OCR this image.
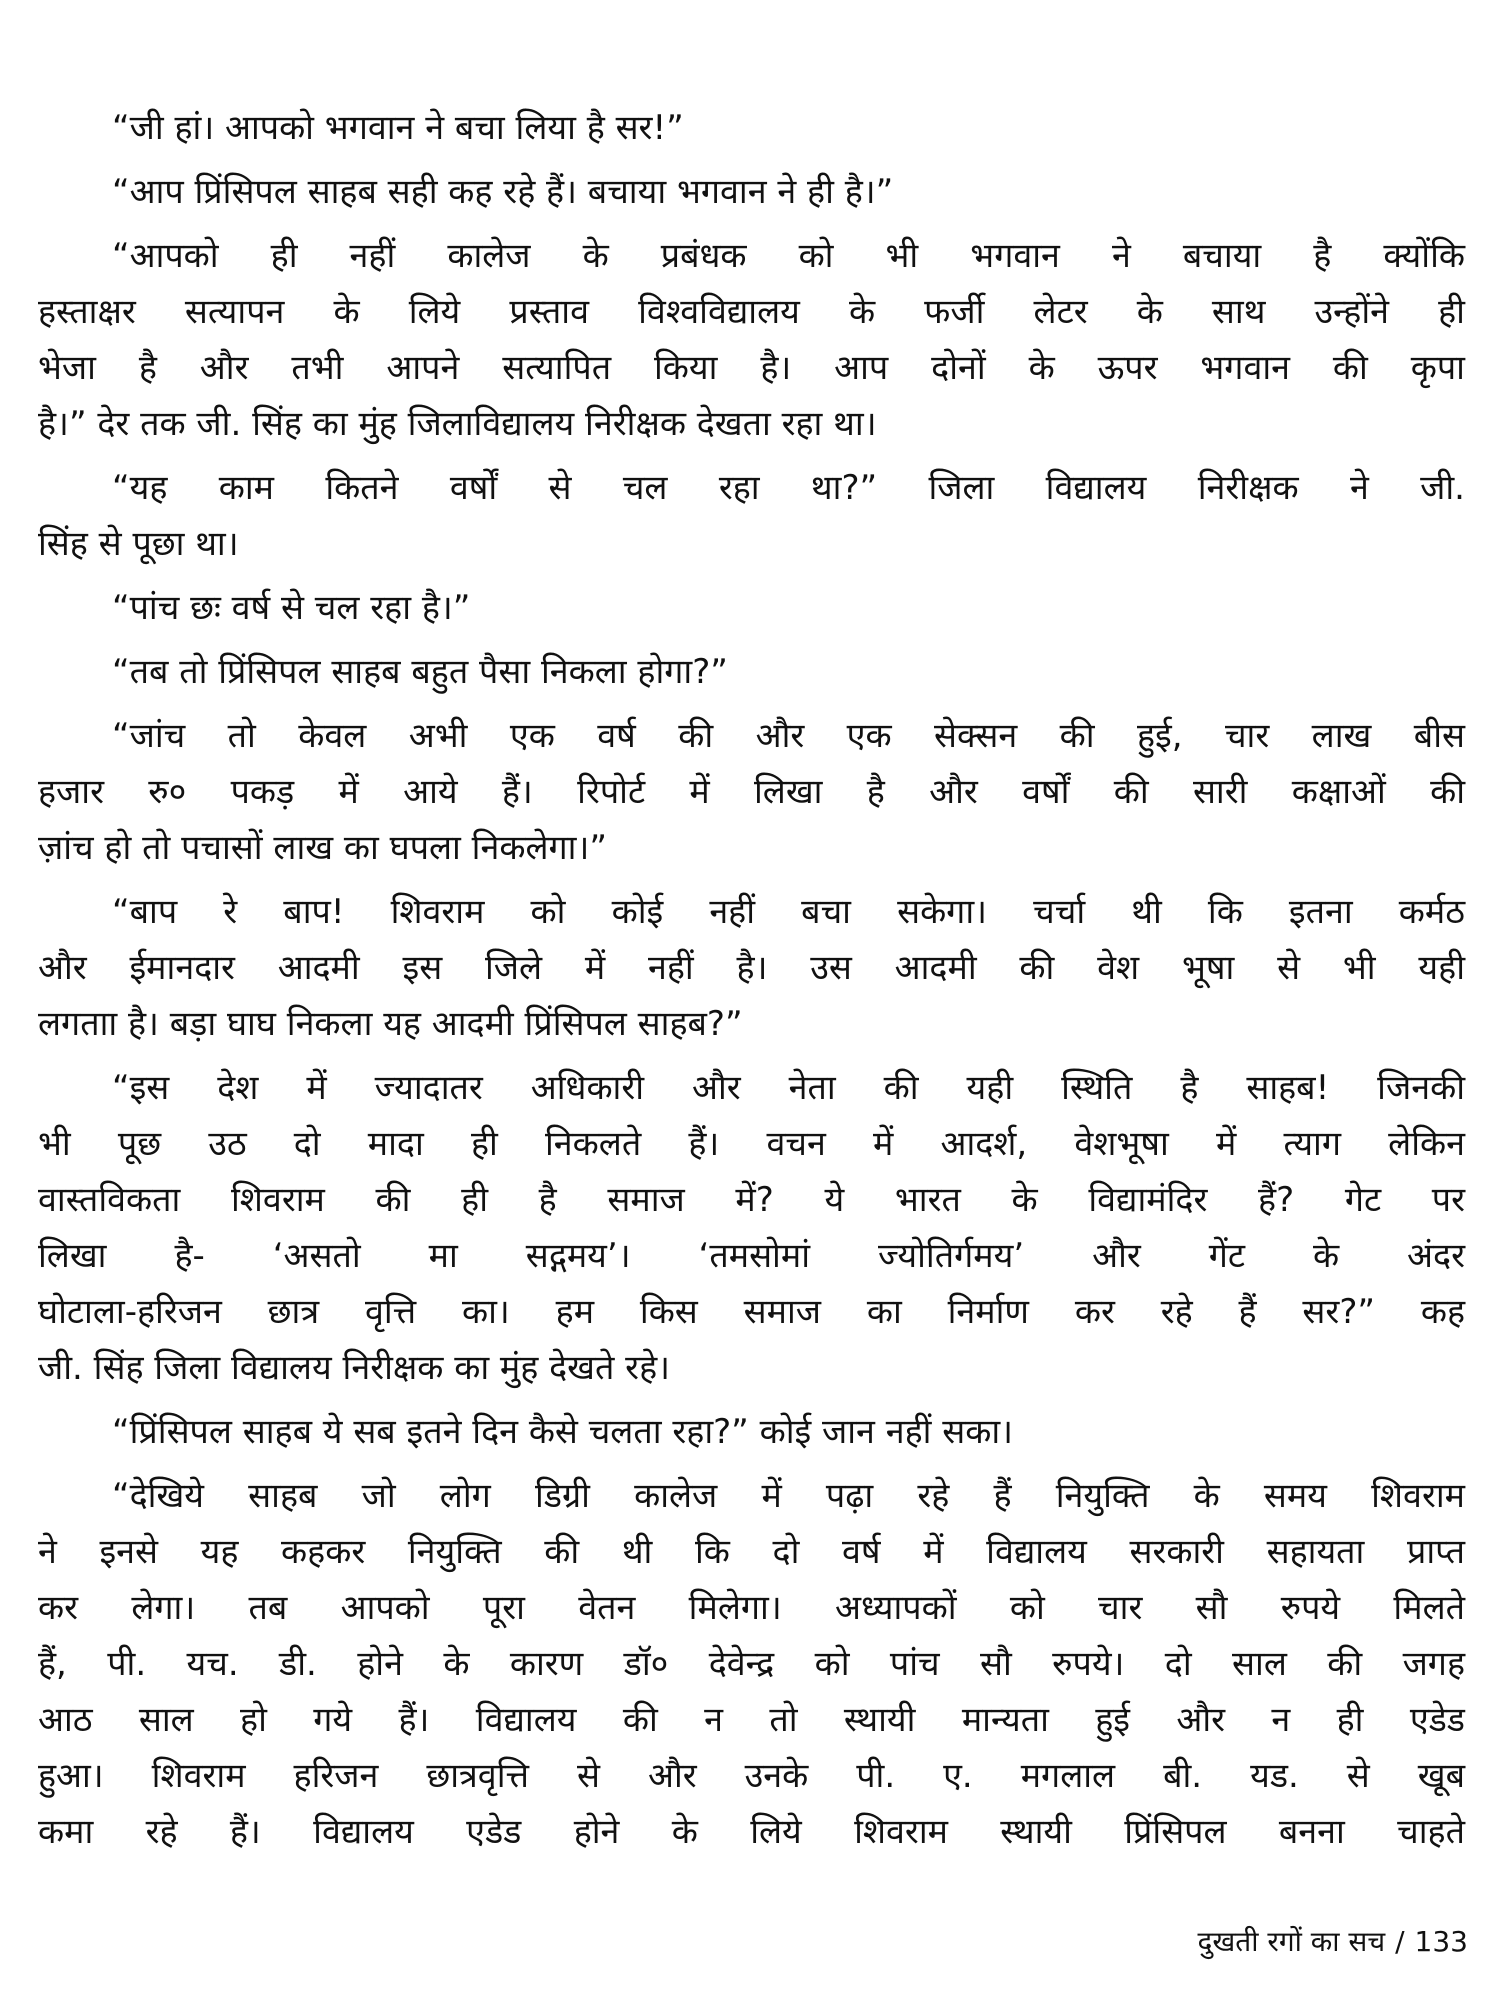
“जी हां। आपको भगवान ने बचा लिया है सर!”
“आप प्रिंसिपल साहब सही कह रहे हैं। बचाया भगवान ने ही है।”
“आपको ही नहीं कालेज के प्रबंधक को भी भगवान ने बचाया है क्योंकि
हस्ताक्षर सत्यापन के लिये प्रस्ताव विश्वविद्यालय के फर्जी लेटर के साथ उन्होंने ही
भेजा है और तभी आपने सत्यापित किया है। आप दोनों के ऊपर भगवान की कृपा
है।” देर तक जी. सिंह का मुंह जिलाविद्यालय निरीक्षक देखता रहा था।
“यह काम कितने वर्षों से चल रहा था?” जिला विद्यालय निरीक्षक ने जी.
सिंह से पूछा था।
“पांच छः वर्ष से चल रहा है।”
“तब तो प्रिंसिपल साहब बहुत पैसा निकला होगा?”
“जांच तो केवल अभी एक वर्ष की और एक सेक्सन की हुई, चार लाख बीस
हजार रु० पकड़ में आये हैं। रिपोर्ट में लिखा है और वर्षों की सारी कक्षाओं की
ज़ांच हो तो पचासों लाख का घपला निकलेगा।”
“बाप रे बाप! शिवराम को कोई नहीं बचा सकेगा। चर्चा थी कि इतना कर्मठ
और ईमानदार आदमी इस जिले में नहीं है। उस आदमी की वेश भूषा से भी यही
लगताा है। बड़ा घाघ निकला यह आदमी प्रिंसिपल साहब?”
“इस देश में ज्यादातर अधिकारी और नेता की यही स्थिति है साहब! जिनकी
भी पूछ उठ दो मादा ही निकलते हैं। वचन में आदर्श, वेशभूषा में त्याग लेकिन
वास्तविकता शिवराम की ही है समाज में? ये भारत के विद्यामंदिर हैं? गेट पर
लिखा है- ‘असतो मा सद्गमय’। ‘तमसोमां ज्योतिर्गमय’ और गेंट के अंदर
घोटाला-हरिजन छात्र वृत्ति का। हम किस समाज का निर्माण कर रहे हैं सर?” कह
जी. सिंह जिला विद्यालय निरीक्षक का मुंह देखते रहे।
“प्रिंसिपल साहब ये सब इतने दिन कैसे चलता रहा?” कोई जान नहीं सका।
“देखिये साहब जो लोग डिग्री कालेज में पढ़ा रहे हैं नियुक्ति के समय शिवराम
ने इनसे यह कहकर नियुक्ति की थी कि दो वर्ष में विद्यालय सरकारी सहायता प्राप्त
कर लेगा। तब आपको पूरा वेतन मिलेगा। अध्यापकों को चार सौ रुपये मिलते
हैं, पी. यच. डी. होने के कारण डॉ० देवेन्द्र को पांच सौ रुपये। दो साल की जगह
आठ साल हो गये हैं। विद्यालय की न तो स्थायी मान्यता हुई और न ही एडेड
हुआ। शिवराम हरिजन छात्रवृत्ति से और उनके पी. ए. मगलाल बी. यड. से खूब
कमा रहे हैं। विद्यालय एडेड होने के लिये शिवराम स्थायी प्रिंसिपल बनना चाहते
दुखती रगों का सच / 133
